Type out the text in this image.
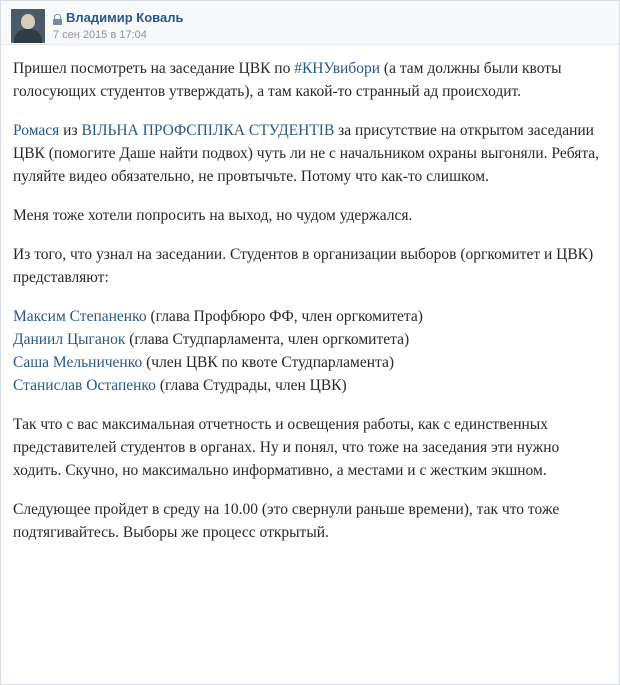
Владимир Коваль
7 сен 2015 в 17:04

Пришел посмотреть на заседание ЦВК по #КНУвибори (а там должны были квоты голосующих студентов утверждать), а там какой-то странный ад происходит.

Ромася из ВІЛЬНА ПРОФСПІЛКА СТУДЕНТІВ за присутствие на открытом заседании ЦВК (помогите Даше найти подвох) чуть ли не с начальником охраны выгоняли. Ребята, пуляйте видео обязательно, не провтычьте. Потому что как-то слишком.

Меня тоже хотели попросить на выход, но чудом удержался.

Из того, что узнал на заседании. Студентов в организации выборов (оргкомитет и ЦВК) представляют:

Максим Степаненко (глава Профбюро ФФ, член оргкомитета)

Даниил Цыганок (глава Студпарламента, член оргкомитета)

Саша Мельниченко (член ЦВК по квоте Студпарламента)

Станислав Остапенко (глава Студрады, член ЦВК)

Так что с вас максимальная отчетность и освещения работы, как с единственных представителей студентов в органах. Ну и понял, что тоже на заседания эти нужно ходить. Скучно, но максимально информативно, а местами и с жестким экшном.

Следующее пройдет в среду на 10.00 (это свернули раньше времени), так что тоже подтягивайтесь. Выборы же процесс открытый.
